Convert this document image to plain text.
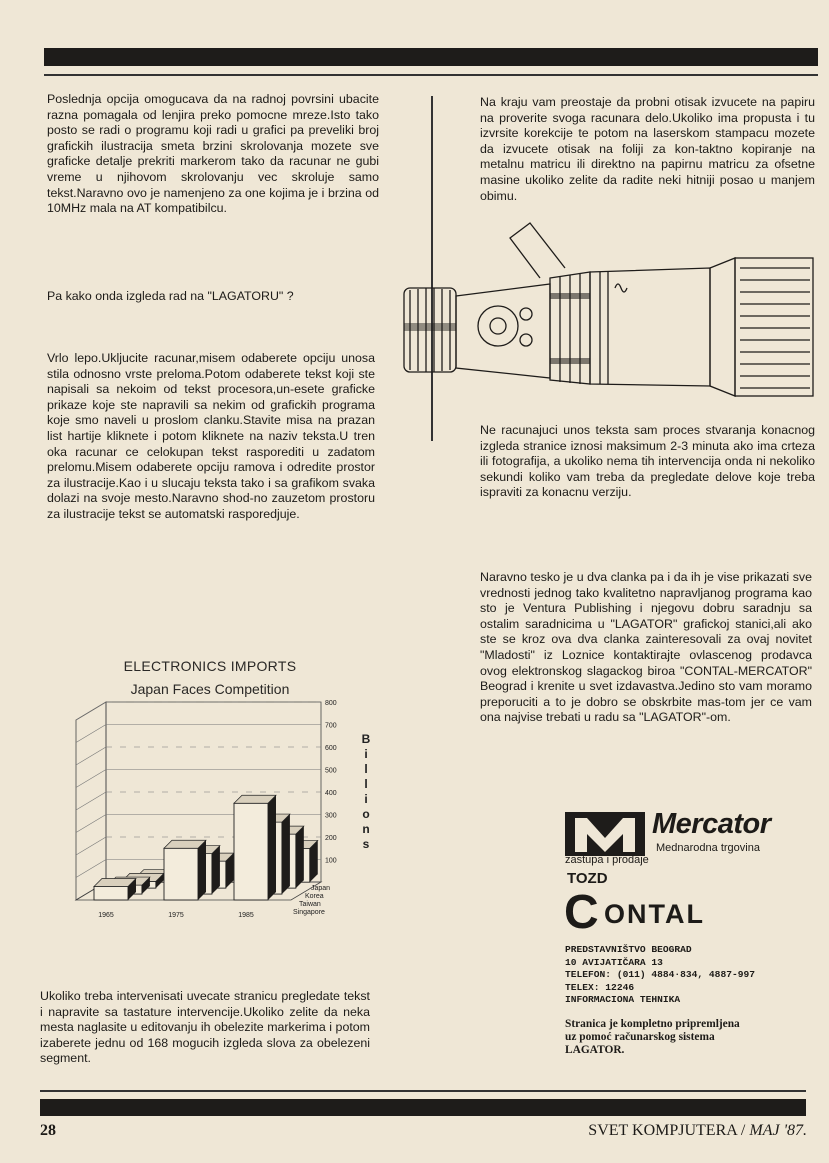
Poslednja opcija omogucava da na radnoj povrsini ubacite razna pomagala od lenjira preko pomocne mreze.Isto tako posto se radi o programu koji radi u grafici pa preveliki broj grafickih ilustracija smeta brzini skrolovanja mozete sve graficke detalje prekriti markerom tako da racunar ne gubi vreme u njihovom skrolovanju vec skroluje samo tekst.Naravno ovo je namenjeno za one kojima je i brzina od 10MHz mala na AT kompatibilcu.

Pa kako onda izgleda rad na "LAGATORU" ?

Vrlo lepo.Ukljucite racunar,misem odaberete opciju unosa stila odnosno vrste preloma.Potom odaberete tekst koji ste napisali sa nekoim od tekst procesora,un-esete graficke prikaze koje ste napravili sa nekim od grafickih programa koje smo naveli u proslom clanku.Stavite misa na prazan list hartije kliknete i potom kliknete na naziv teksta.U tren oka racunar ce celokupan tekst rasporediti u zadatom prelomu.Misem odaberete opciju ramova i odredite prostor za ilustracije.Kao i u slucaju teksta tako i sa grafikom svaka dolazi na svoje mesto.Naravno shod-no zauzetom prostoru za ilustracije tekst se automatski rasporedjuje.

ELECTRONICS IMPORTS
Japan Faces Competition
800
700
600
500
400
300
200
100
B
i
l
l
i
o
n
s
1965	1975	1985
Japan
Korea
Taiwan
Singapore

Ukoliko treba intervenisati uvecate stranicu pregledate tekst i napravite sa tastature intervencije.Ukoliko zelite da neka mesta naglasite u editovanju ih obelezite markerima i potom izaberete jednu od 168 mogucih izgleda slova za obelezeni segment.

Na kraju vam preostaje da probni otisak izvucete na papiru na proverite svoga racunara delo.Ukoliko ima propusta i tu izvrsite korekcije te potom na laserskom stampacu mozete da izvucete otisak na foliji za kon-taktno kopiranje na metalnu matricu ili direktno na papirnu matricu za ofsetne masine ukoliko zelite da radite neki hitniji posao u manjem obimu.

Ne racunajuci unos teksta sam proces stvaranja konacnog izgleda stranice iznosi maksimum 2-3 minuta ako ima crteza ili fotografija, a ukoliko nema tih intervencija onda ni nekoliko sekundi koliko vam treba da pregledate delove koje treba ispraviti za konacnu verziju.

Naravno tesko je u dva clanka pa i da ih je vise prikazati sve vrednosti jednog tako kvalitetno napravljanog programa kao sto je Ventura Publishing i njegovu dobru saradnju sa ostalim saradnicima u "LAGATOR" grafickoj stanici,ali ako ste se kroz ova dva clanka zainteresovali za ovaj novitet "Mladosti" iz Loznice kontaktirajte ovlascenog prodavca ovog elektronskog slagackog biroa "CONTAL-MERCATOR" Beograd i krenite u svet izdavastva.Jedino sto vam moramo preporuciti a to je dobro se obskrbite mas-tom jer ce vam ona najvise trebati u radu sa "LAGATOR"-om.

Mercator
Mednarodna trgovina
zastupa i prodaje
TOZD
C ONTAL
PREDSTAVNIŠTVO BEOGRAD
10 AVIJATIČARA 13
TELEFON: (011) 4884·834, 4887-997
TELEX: 12246
INFORMACIONA TEHNIKA
Stranica je kompletno pripremljena
uz pomoć računarskog sistema
LAGATOR.
28	SVET KOMPJUTERA / MAJ '87.
